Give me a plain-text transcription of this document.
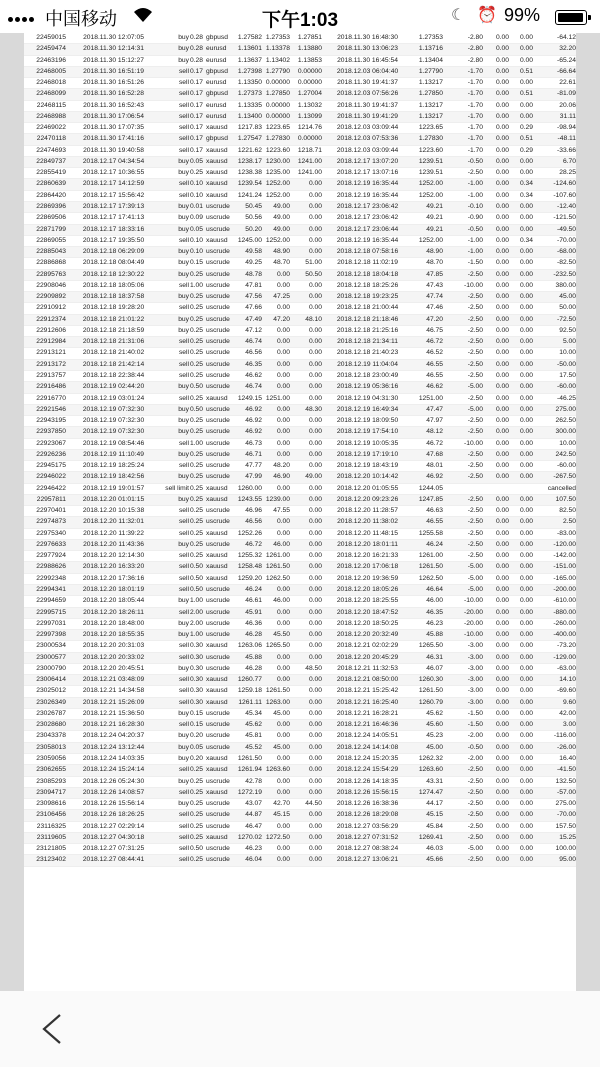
中国移动	下午1:03	☾ ⏰ 99%
22459015	2018.11.30 12:07:05	buy	0.28	gbpusd	1.27582	1.27353	1.27851	2018.11.30 16:48:30	1.27353	-2.80	0.00	0.00	-64.12
22459474	2018.11.30 12:14:31	buy	0.28	eurusd	1.13601	1.13378	1.13880	2018.11.30 13:06:23	1.13716	-2.80	0.00	0.00	32.20
22463196	2018.11.30 15:12:27	buy	0.28	eurusd	1.13637	1.13402	1.13853	2018.11.30 16:45:54	1.13404	-2.80	0.00	0.00	-65.24
22468005	2018.11.30 16:51:19	sell	0.17	gbpusd	1.27398	1.27790	0.00000	2018.12.03 06:04:40	1.27790	-1.70	0.00	0.51	-66.64
22468018	2018.11.30 16:51:26	sell	0.17	eurusd	1.13350	0.00000	0.00000	2018.11.30 19:41:37	1.13217	-1.70	0.00	0.00	22.61
22468099	2018.11.30 16:52:28	sell	0.17	gbpusd	1.27373	1.27850	1.27004	2018.12.03 07:56:26	1.27850	-1.70	0.00	0.51	-81.09
22468115	2018.11.30 16:52:43	sell	0.17	eurusd	1.13335	0.00000	1.13032	2018.11.30 19:41:37	1.13217	-1.70	0.00	0.00	20.06
22468988	2018.11.30 17:06:54	sell	0.17	eurusd	1.13400	0.00000	1.13099	2018.11.30 19:41:29	1.13217	-1.70	0.00	0.00	31.11
22469022	2018.11.30 17:07:35	sell	0.17	xauusd	1217.83	1223.65	1214.76	2018.12.03 03:09:44	1223.65	-1.70	0.00	0.29	-98.94
22470118	2018.11.30 17:41:16	sell	0.17	gbpusd	1.27547	1.27830	0.00000	2018.12.03 07:53:36	1.27830	-1.70	0.00	0.51	-48.11
22474693	2018.11.30 19:40:58	sell	0.17	xauusd	1221.62	1223.60	1218.71	2018.12.03 03:09:44	1223.60	-1.70	0.00	0.29	-33.66
22849737	2018.12.17 04:34:54	buy	0.05	xauusd	1238.17	1230.00	1241.00	2018.12.17 13:07:20	1239.51	-0.50	0.00	0.00	6.70
22855419	2018.12.17 10:36:55	buy	0.25	xauusd	1238.38	1235.00	1241.00	2018.12.17 13:07:16	1239.51	-2.50	0.00	0.00	28.25
22860639	2018.12.17 14:12:59	sell	0.10	xauusd	1239.54	1252.00	0.00	2018.12.19 16:35:44	1252.00	-1.00	0.00	0.34	-124.60
22864420	2018.12.17 15:56:42	sell	0.10	xauusd	1241.24	1252.00	0.00	2018.12.19 16:35:44	1252.00	-1.00	0.00	0.34	-107.60
22869396	2018.12.17 17:39:13	buy	0.01	uscrude	50.45	49.00	0.00	2018.12.17 23:06:42	49.21	-0.10	0.00	0.00	-12.40
22869506	2018.12.17 17:41:13	buy	0.09	uscrude	50.56	49.00	0.00	2018.12.17 23:06:42	49.21	-0.90	0.00	0.00	-121.50
22871799	2018.12.17 18:33:16	buy	0.05	uscrude	50.20	49.00	0.00	2018.12.17 23:06:44	49.21	-0.50	0.00	0.00	-49.50
22869055	2018.12.17 19:35:50	sell	0.10	xauusd	1245.00	1252.00	0.00	2018.12.19 16:35:44	1252.00	-1.00	0.00	0.34	-70.00
22885043	2018.12.18 06:29:09	buy	0.10	uscrude	49.58	48.90	0.00	2018.12.18 07:58:16	48.90	-1.00	0.00	0.00	-68.00
22886868	2018.12.18 08:04:49	buy	0.15	uscrude	49.25	48.70	51.00	2018.12.18 11:02:19	48.70	-1.50	0.00	0.00	-82.50
22895763	2018.12.18 12:30:22	buy	0.25	uscrude	48.78	0.00	50.50	2018.12.18 18:04:18	47.85	-2.50	0.00	0.00	-232.50
22908046	2018.12.18 18:05:06	sell	1.00	uscrude	47.81	0.00	0.00	2018.12.18 18:25:26	47.43	-10.00	0.00	0.00	380.00
22909892	2018.12.18 18:37:58	buy	0.25	uscrude	47.56	47.25	0.00	2018.12.18 19:23:25	47.74	-2.50	0.00	0.00	45.00
22910912	2018.12.18 19:28:20	sell	0.25	uscrude	47.66	0.00	0.00	2018.12.18 21:00:44	47.46	-2.50	0.00	0.00	50.00
22912374	2018.12.18 21:01:22	buy	0.25	uscrude	47.49	47.20	48.10	2018.12.18 21:18:46	47.20	-2.50	0.00	0.00	-72.50
22912606	2018.12.18 21:18:59	buy	0.25	uscrude	47.12	0.00	0.00	2018.12.18 21:25:16	46.75	-2.50	0.00	0.00	92.50
22912984	2018.12.18 21:31:06	sell	0.25	uscrude	46.74	0.00	0.00	2018.12.18 21:34:11	46.72	-2.50	0.00	0.00	5.00
22913121	2018.12.18 21:40:02	sell	0.25	uscrude	46.56	0.00	0.00	2018.12.18 21:40:23	46.52	-2.50	0.00	0.00	10.00
22913172	2018.12.18 21:42:14	sell	0.25	uscrude	46.35	0.00	0.00	2018.12.19 11:04:04	46.55	-2.50	0.00	0.00	-50.00
22913757	2018.12.18 22:38:44	sell	0.25	uscrude	46.62	0.00	0.00	2018.12.18 23:00:49	46.55	-2.50	0.00	0.00	17.50
22916486	2018.12.19 02:44:20	buy	0.50	uscrude	46.74	0.00	0.00	2018.12.19 05:36:16	46.62	-5.00	0.00	0.00	-60.00
22916770	2018.12.19 03:01:24	sell	0.25	xauusd	1249.15	1251.00	0.00	2018.12.19 04:31:30	1251.00	-2.50	0.00	0.00	-46.25
22921546	2018.12.19 07:32:30	buy	0.50	uscrude	46.92	0.00	48.30	2018.12.19 16:49:34	47.47	-5.00	0.00	0.00	275.00
22943195	2018.12.19 07:32:30	buy	0.25	uscrude	46.92	0.00	0.00	2018.12.19 18:09:50	47.97	-2.50	0.00	0.00	262.50
22937850	2018.12.19 07:32:30	buy	0.25	uscrude	46.92	0.00	0.00	2018.12.19 17:54:10	48.12	-2.50	0.00	0.00	300.00
22923067	2018.12.19 08:54:46	sell	1.00	uscrude	46.73	0.00	0.00	2018.12.19 10:05:35	46.72	-10.00	0.00	0.00	10.00
22926236	2018.12.19 11:10:49	buy	0.25	uscrude	46.71	0.00	0.00	2018.12.19 17:19:10	47.68	-2.50	0.00	0.00	242.50
22945175	2018.12.19 18:25:24	sell	0.25	uscrude	47.77	48.20	0.00	2018.12.19 18:43:19	48.01	-2.50	0.00	0.00	-60.00
22946022	2018.12.19 18:42:56	buy	0.25	uscrude	47.99	46.90	49.00	2018.12.20 10:14:42	46.92	-2.50	0.00	0.00	-267.50
22946422	2018.12.19 19:01:57	sell limit	0.25	xauusd	1260.00	0.00	0.00	2018.12.20 01:05:55	1244.05				cancelled
22957811	2018.12.20 01:01:15	buy	0.25	xauusd	1243.55	1239.00	0.00	2018.12.20 09:23:26	1247.85	-2.50	0.00	0.00	107.50
22970401	2018.12.20 10:15:38	sell	0.25	uscrude	46.96	47.55	0.00	2018.12.20 11:28:57	46.63	-2.50	0.00	0.00	82.50
22974873	2018.12.20 11:32:01	sell	0.25	uscrude	46.56	0.00	0.00	2018.12.20 11:38:02	46.55	-2.50	0.00	0.00	2.50
22975340	2018.12.20 11:39:22	sell	0.25	xauusd	1252.26	0.00	0.00	2018.12.20 11:48:15	1255.58	-2.50	0.00	0.00	-83.00
22976633	2018.12.20 11:43:36	buy	0.25	uscrude	46.72	46.00	0.00	2018.12.20 18:01:11	46.24	-2.50	0.00	0.00	-120.00
22977924	2018.12.20 12:14:30	sell	0.25	xauusd	1255.32	1261.00	0.00	2018.12.20 16:21:33	1261.00	-2.50	0.00	0.00	-142.00
22988626	2018.12.20 16:33:20	sell	0.50	xauusd	1258.48	1261.50	0.00	2018.12.20 17:06:18	1261.50	-5.00	0.00	0.00	-151.00
22992348	2018.12.20 17:36:16	sell	0.50	xauusd	1259.20	1262.50	0.00	2018.12.20 19:36:59	1262.50	-5.00	0.00	0.00	-165.00
22994341	2018.12.20 18:01:19	sell	0.50	uscrude	46.24	0.00	0.00	2018.12.20 18:05:26	46.64	-5.00	0.00	0.00	-200.00
22994659	2018.12.20 18:05:44	buy	1.00	uscrude	46.61	46.00	0.00	2018.12.20 18:25:55	46.00	-10.00	0.00	0.00	-610.00
22995715	2018.12.20 18:26:11	sell	2.00	uscrude	45.91	0.00	0.00	2018.12.20 18:47:52	46.35	-20.00	0.00	0.00	-880.00
22997031	2018.12.20 18:48:00	buy	2.00	uscrude	46.36	0.00	0.00	2018.12.20 18:50:25	46.23	-20.00	0.00	0.00	-260.00
22997398	2018.12.20 18:55:35	buy	1.00	uscrude	46.28	45.50	0.00	2018.12.20 20:32:49	45.88	-10.00	0.00	0.00	-400.00
23000534	2018.12.20 20:31:03	sell	0.30	xauusd	1263.06	1265.50	0.00	2018.12.21 02:02:29	1265.50	-3.00	0.00	0.00	-73.20
23000577	2018.12.20 20:33:02	sell	0.30	uscrude	45.88	0.00	0.00	2018.12.20 20:45:29	46.31	-3.00	0.00	0.00	-129.00
23000790	2018.12.20 20:45:51	buy	0.30	uscrude	46.28	0.00	48.50	2018.12.21 11:32:53	46.07	-3.00	0.00	0.00	-63.00
23006414	2018.12.21 03:48:09	sell	0.30	xauusd	1260.77	0.00	0.00	2018.12.21 08:50:00	1260.30	-3.00	0.00	0.00	14.10
23025012	2018.12.21 14:34:58	sell	0.30	xauusd	1259.18	1261.50	0.00	2018.12.21 15:25:42	1261.50	-3.00	0.00	0.00	-69.60
23026349	2018.12.21 15:26:09	sell	0.30	xauusd	1261.11	1263.00	0.00	2018.12.21 16:25:40	1260.79	-3.00	0.00	0.00	9.60
23026787	2018.12.21 15:36:50	buy	0.15	uscrude	45.34	45.00	0.00	2018.12.21 16:28:21	45.62	-1.50	0.00	0.00	42.00
23028680	2018.12.21 16:28:30	sell	0.15	uscrude	45.62	0.00	0.00	2018.12.21 16:46:36	45.60	-1.50	0.00	0.00	3.00
23043378	2018.12.24 04:20:37	buy	0.20	uscrude	45.81	0.00	0.00	2018.12.24 14:05:51	45.23	-2.00	0.00	0.00	-116.00
23058013	2018.12.24 13:12:44	buy	0.05	uscrude	45.52	45.00	0.00	2018.12.24 14:14:08	45.00	-0.50	0.00	0.00	-26.00
23059056	2018.12.24 14:03:35	buy	0.20	xauusd	1261.50	0.00	0.00	2018.12.24 15:20:35	1262.32	-2.00	0.00	0.00	16.40
23062655	2018.12.24 15:24:14	sell	0.25	xauusd	1261.94	1263.60	0.00	2018.12.24 15:54:29	1263.60	-2.50	0.00	0.00	-41.50
23085293	2018.12.26 05:24:30	buy	0.25	uscrude	42.78	0.00	0.00	2018.12.26 14:18:35	43.31	-2.50	0.00	0.00	132.50
23094717	2018.12.26 14:08:57	sell	0.25	xauusd	1272.19	0.00	0.00	2018.12.26 15:56:15	1274.47	-2.50	0.00	0.00	-57.00
23098616	2018.12.26 15:56:14	buy	0.25	uscrude	43.07	42.70	44.50	2018.12.26 16:38:36	44.17	-2.50	0.00	0.00	275.00
23106456	2018.12.26 18:26:25	sell	0.25	uscrude	44.87	45.15	0.00	2018.12.26 18:29:08	45.15	-2.50	0.00	0.00	-70.00
23116325	2018.12.27 02:29:14	sell	0.25	uscrude	46.47	0.00	0.00	2018.12.27 03:56:29	45.84	-2.50	0.00	0.00	157.50
23119605	2018.12.27 04:30:18	sell	0.25	xauusd	1270.02	1272.50	0.00	2018.12.27 07:31:52	1269.41	-2.50	0.00	0.00	15.25
23121805	2018.12.27 07:31:25	sell	0.50	uscrude	46.23	0.00	0.00	2018.12.27 08:38:24	46.03	-5.00	0.00	0.00	100.00
23123402	2018.12.27 08:44:41	sell	0.25	uscrude	46.04	0.00	0.00	2018.12.27 13:06:21	45.66	-2.50	0.00	0.00	95.00
